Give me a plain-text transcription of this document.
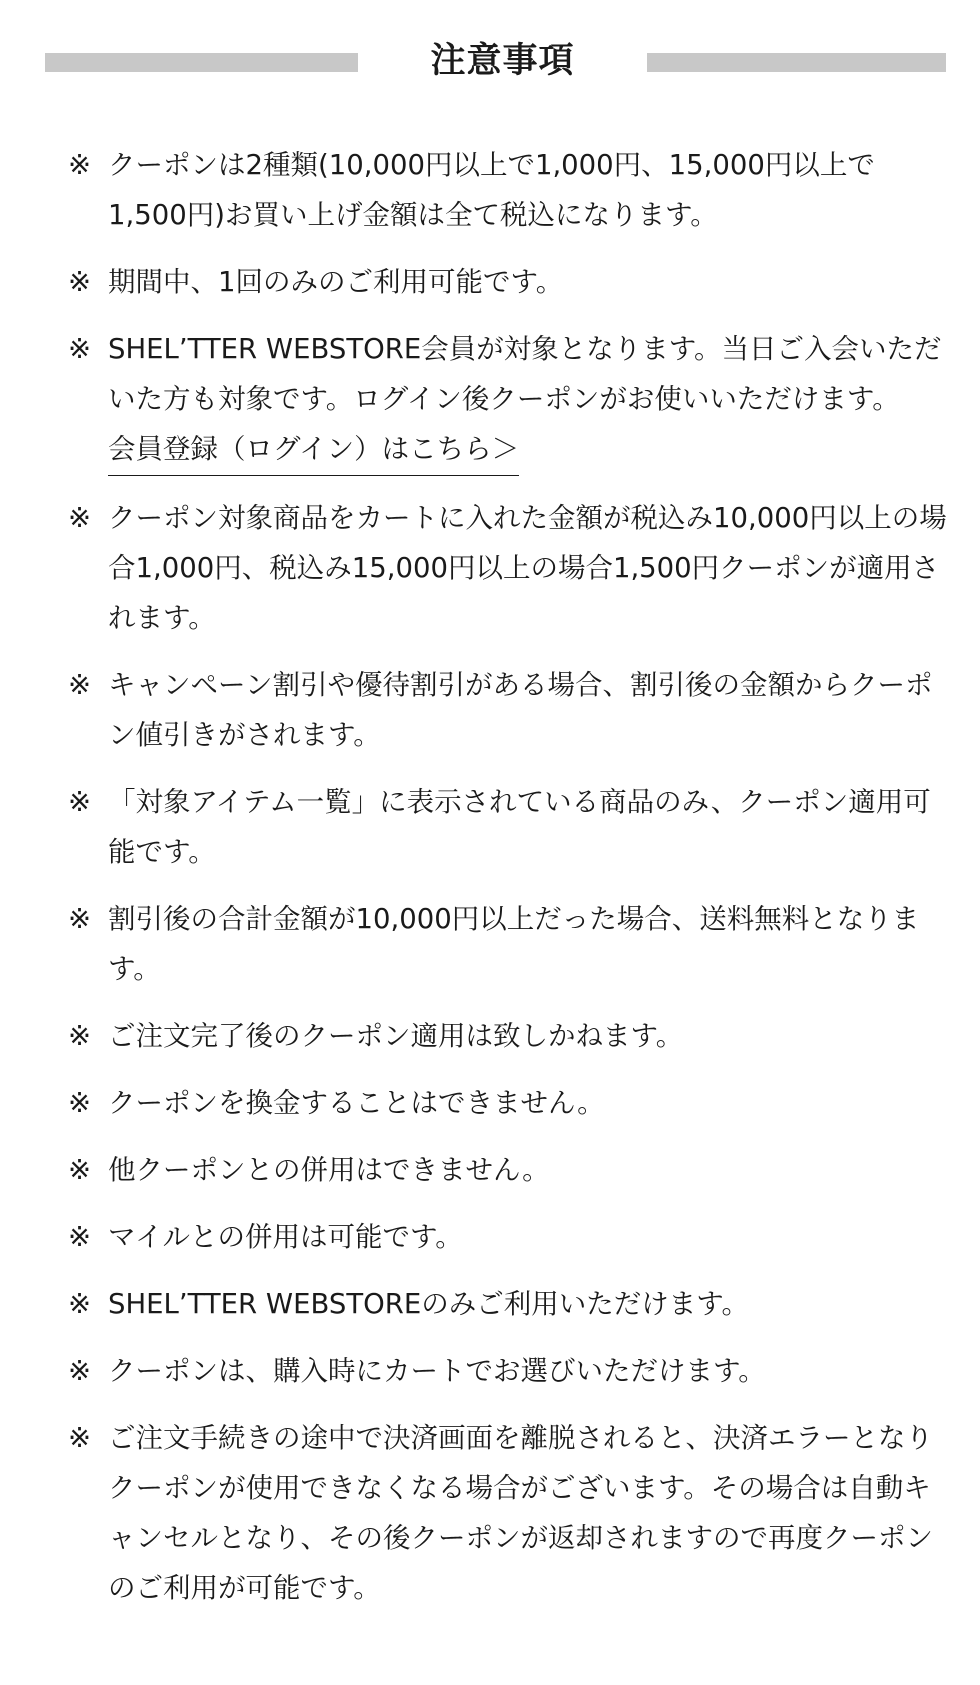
注意事項
※ クーポンは2種類(10,000円以上で1,000円、15,000円以上で1,500円)お買い上げ金額は全て税込になります。
※ 期間中、1回のみのご利用可能です。
※ SHEL’TTER WEBSTORE会員が対象となります。当日ご入会いただいた方も対象です。ログイン後クーポンがお使いいただけます。
会員登録（ログイン）はこちら＞
※ クーポン対象商品をカートに入れた金額が税込み10,000円以上の場合1,000円、税込み15,000円以上の場合1,500円クーポンが適用されます。
※ キャンペーン割引や優待割引がある場合、割引後の金額からクーポン値引きがされます。
※ 「対象アイテム一覧」に表示されている商品のみ、クーポン適用可能です。
※ 割引後の合計金額が10,000円以上だった場合、送料無料となります。
※ ご注文完了後のクーポン適用は致しかねます。
※ クーポンを換金することはできません。
※ 他クーポンとの併用はできません。
※ マイルとの併用は可能です。
※ SHEL’TTER WEBSTOREのみご利用いただけます。
※ クーポンは、購入時にカートでお選びいただけます。
※ ご注文手続きの途中で決済画面を離脱されると、決済エラーとなりクーポンが使用できなくなる場合がございます。その場合は自動キャンセルとなり、その後クーポンが返却されますので再度クーポンのご利用が可能です。
